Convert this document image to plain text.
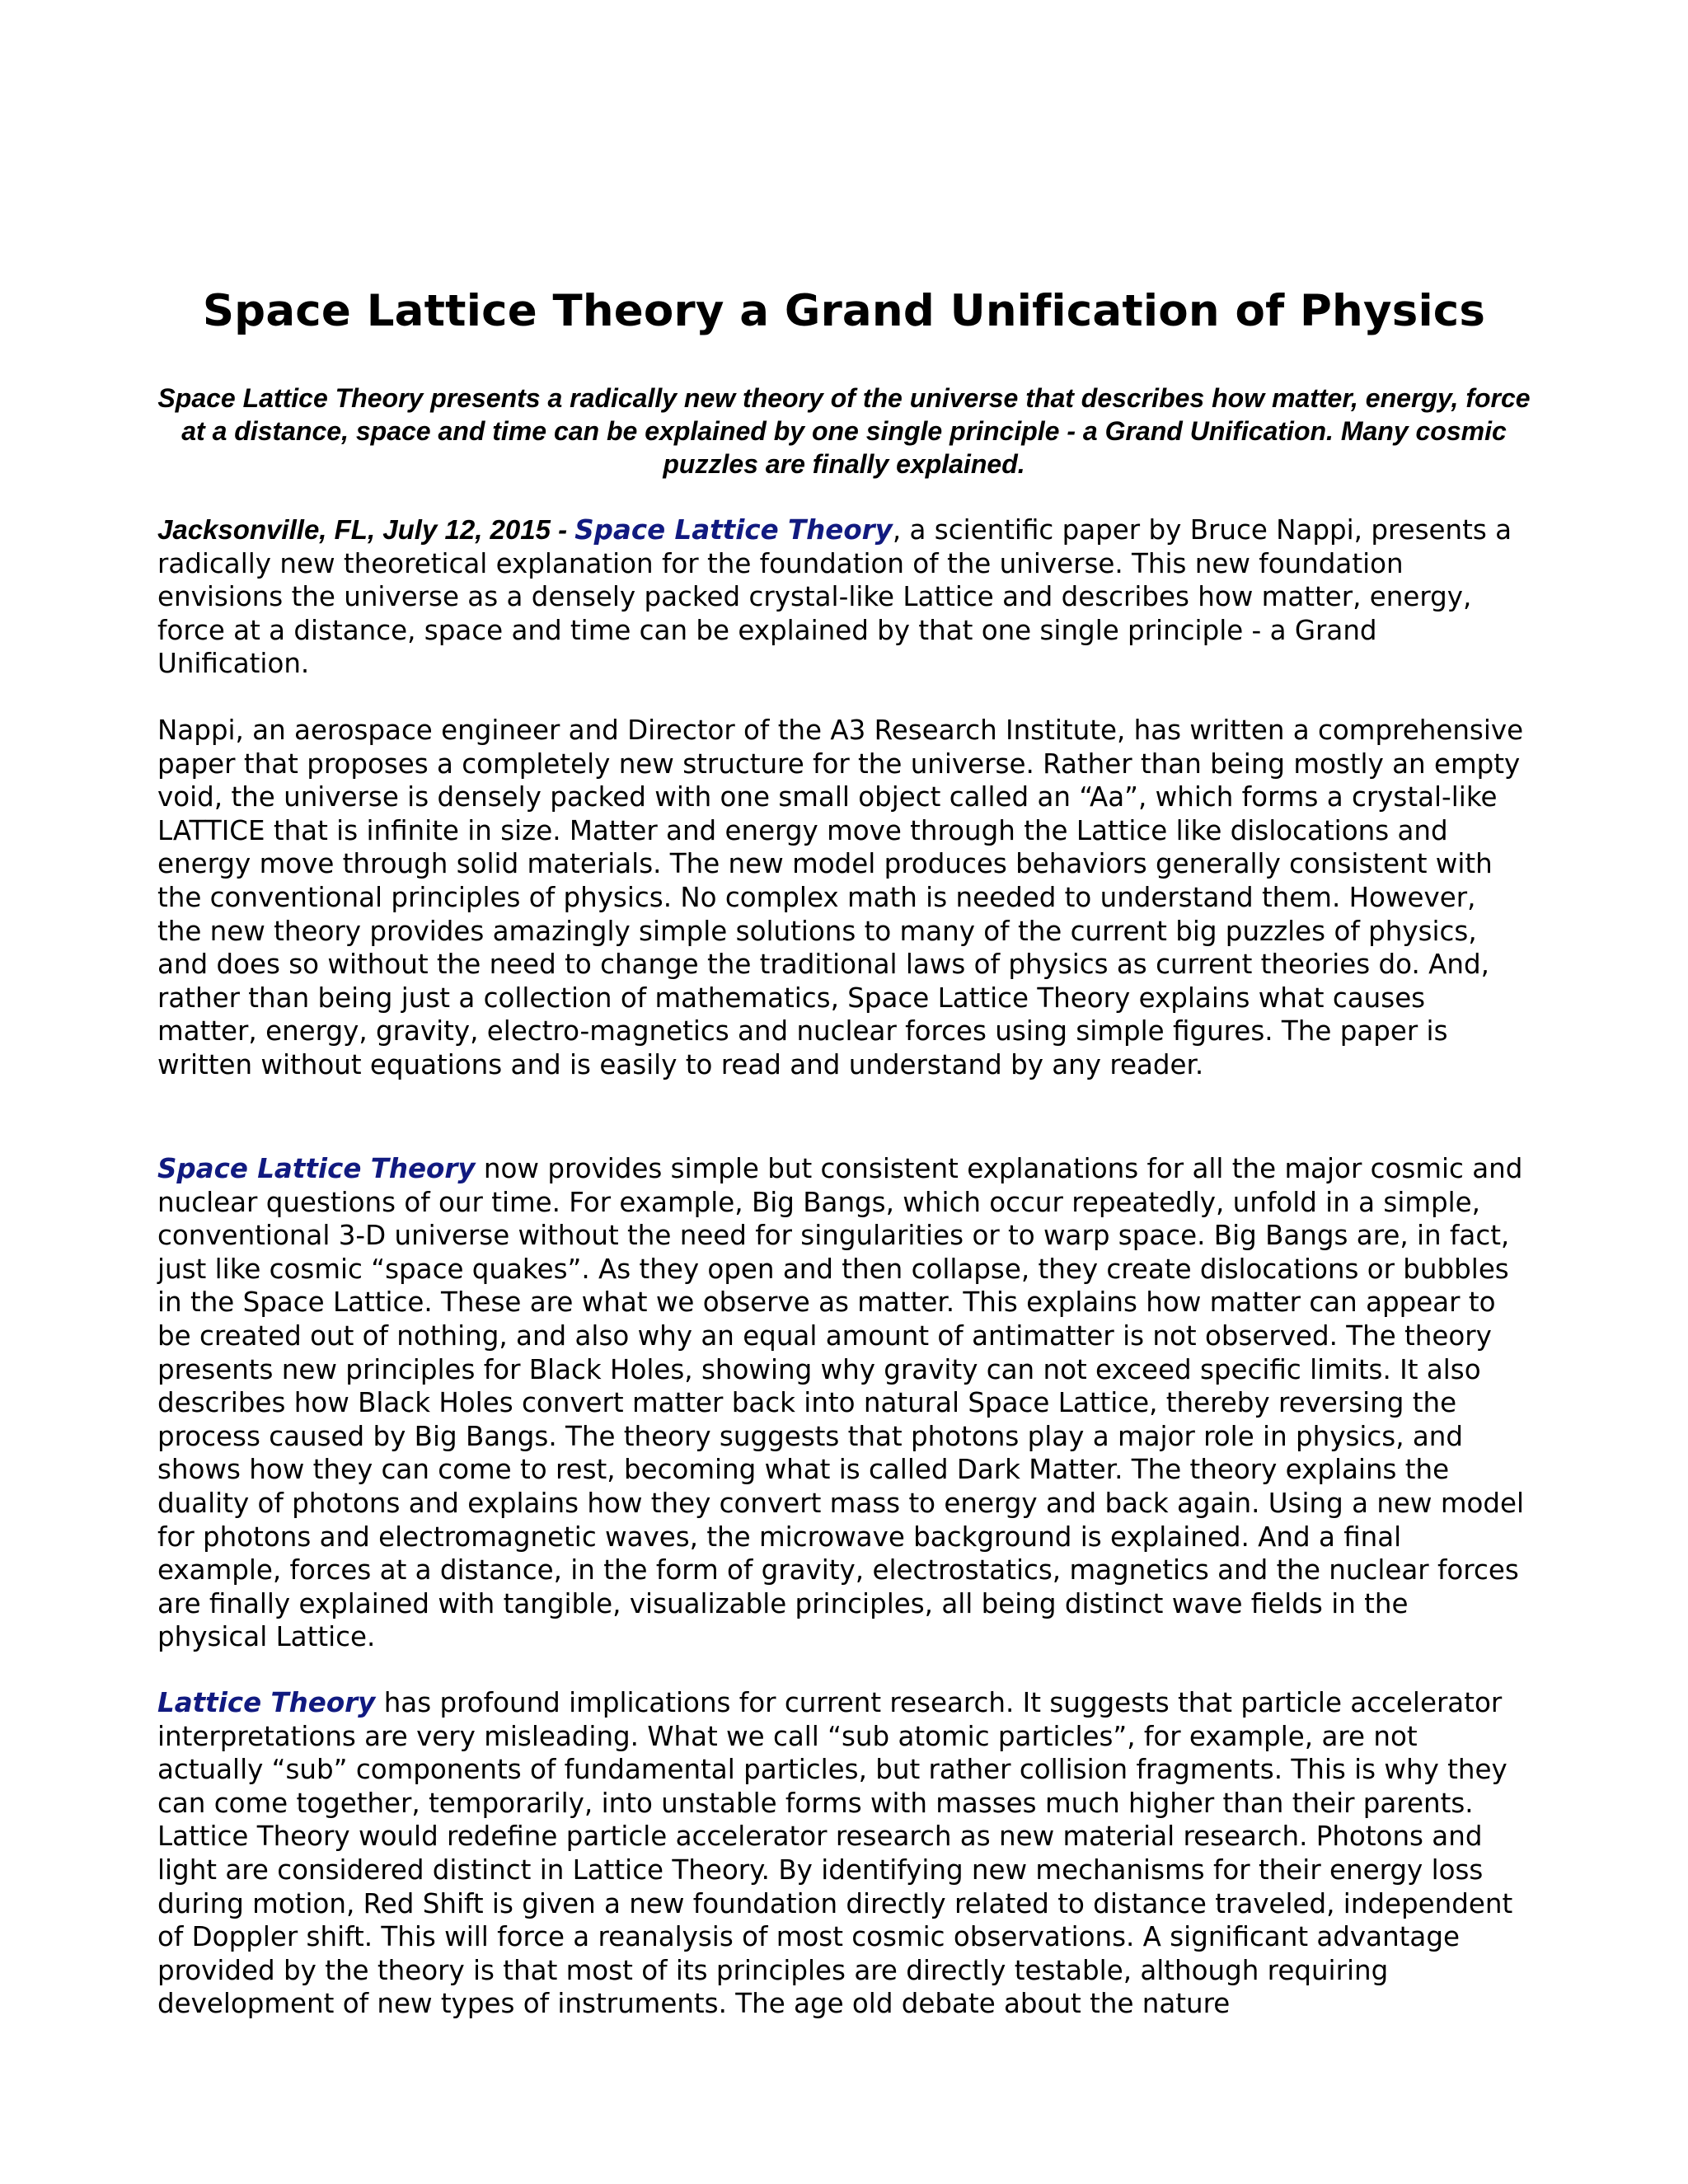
Space Lattice Theory a Grand Unification of Physics

Space Lattice Theory presents a radically new theory of the universe that describes how matter, energy, force at a distance, space and time can be explained by one single principle - a Grand Unification. Many cosmic puzzles are finally explained.

Jacksonville, FL, July 12, 2015 - Space Lattice Theory, a scientific paper by Bruce Nappi, presents a radically new theoretical explanation for the foundation of the universe. This new foundation envisions the universe as a densely packed crystal-like Lattice and describes how matter, energy, force at a distance, space and time can be explained by that one single principle - a Grand Unification.

Nappi, an aerospace engineer and Director of the A3 Research Institute, has written a comprehensive paper that proposes a completely new structure for the universe. Rather than being mostly an empty void, the universe is densely packed with one small object called an “Aa”, which forms a crystal-like LATTICE that is infinite in size. Matter and energy move through the Lattice like dislocations and energy move through solid materials. The new model produces behaviors generally consistent with the conventional principles of physics. No complex math is needed to understand them. However, the new theory provides amazingly simple solutions to many of the current big puzzles of physics, and does so without the need to change the traditional laws of physics as current theories do. And, rather than being just a collection of mathematics, Space Lattice Theory explains what causes matter, energy, gravity, electro-magnetics and nuclear forces using simple figures. The paper is written without equations and is easily to read and understand by any reader.

Space Lattice Theory now provides simple but consistent explanations for all the major cosmic and nuclear questions of our time. For example, Big Bangs, which occur repeatedly, unfold in a simple, conventional 3-D universe without the need for singularities or to warp space. Big Bangs are, in fact, just like cosmic “space quakes”. As they open and then collapse, they create dislocations or bubbles in the Space Lattice. These are what we observe as matter. This explains how matter can appear to be created out of nothing, and also why an equal amount of antimatter is not observed. The theory presents new principles for Black Holes, showing why gravity can not exceed specific limits. It also describes how Black Holes convert matter back into natural Space Lattice, thereby reversing the process caused by Big Bangs. The theory suggests that photons play a major role in physics, and shows how they can come to rest, becoming what is called Dark Matter. The theory explains the duality of photons and explains how they convert mass to energy and back again. Using a new model for photons and electromagnetic waves, the microwave background is explained. And a final example, forces at a distance, in the form of gravity, electrostatics, magnetics and the nuclear forces are finally explained with tangible, visualizable principles, all being distinct wave fields in the physical Lattice.

Lattice Theory has profound implications for current research. It suggests that particle accelerator interpretations are very misleading. What we call “sub atomic particles”, for example, are not actually “sub” components of fundamental particles, but rather collision fragments. This is why they can come together, temporarily, into unstable forms with masses much higher than their parents. Lattice Theory would redefine particle accelerator research as new material research. Photons and light are considered distinct in Lattice Theory. By identifying new mechanisms for their energy loss during motion, Red Shift is given a new foundation directly related to distance traveled, independent of Doppler shift. This will force a reanalysis of most cosmic observations. A significant advantage provided by the theory is that most of its principles are directly testable, although requiring development of new types of instruments. The age old debate about the nature
